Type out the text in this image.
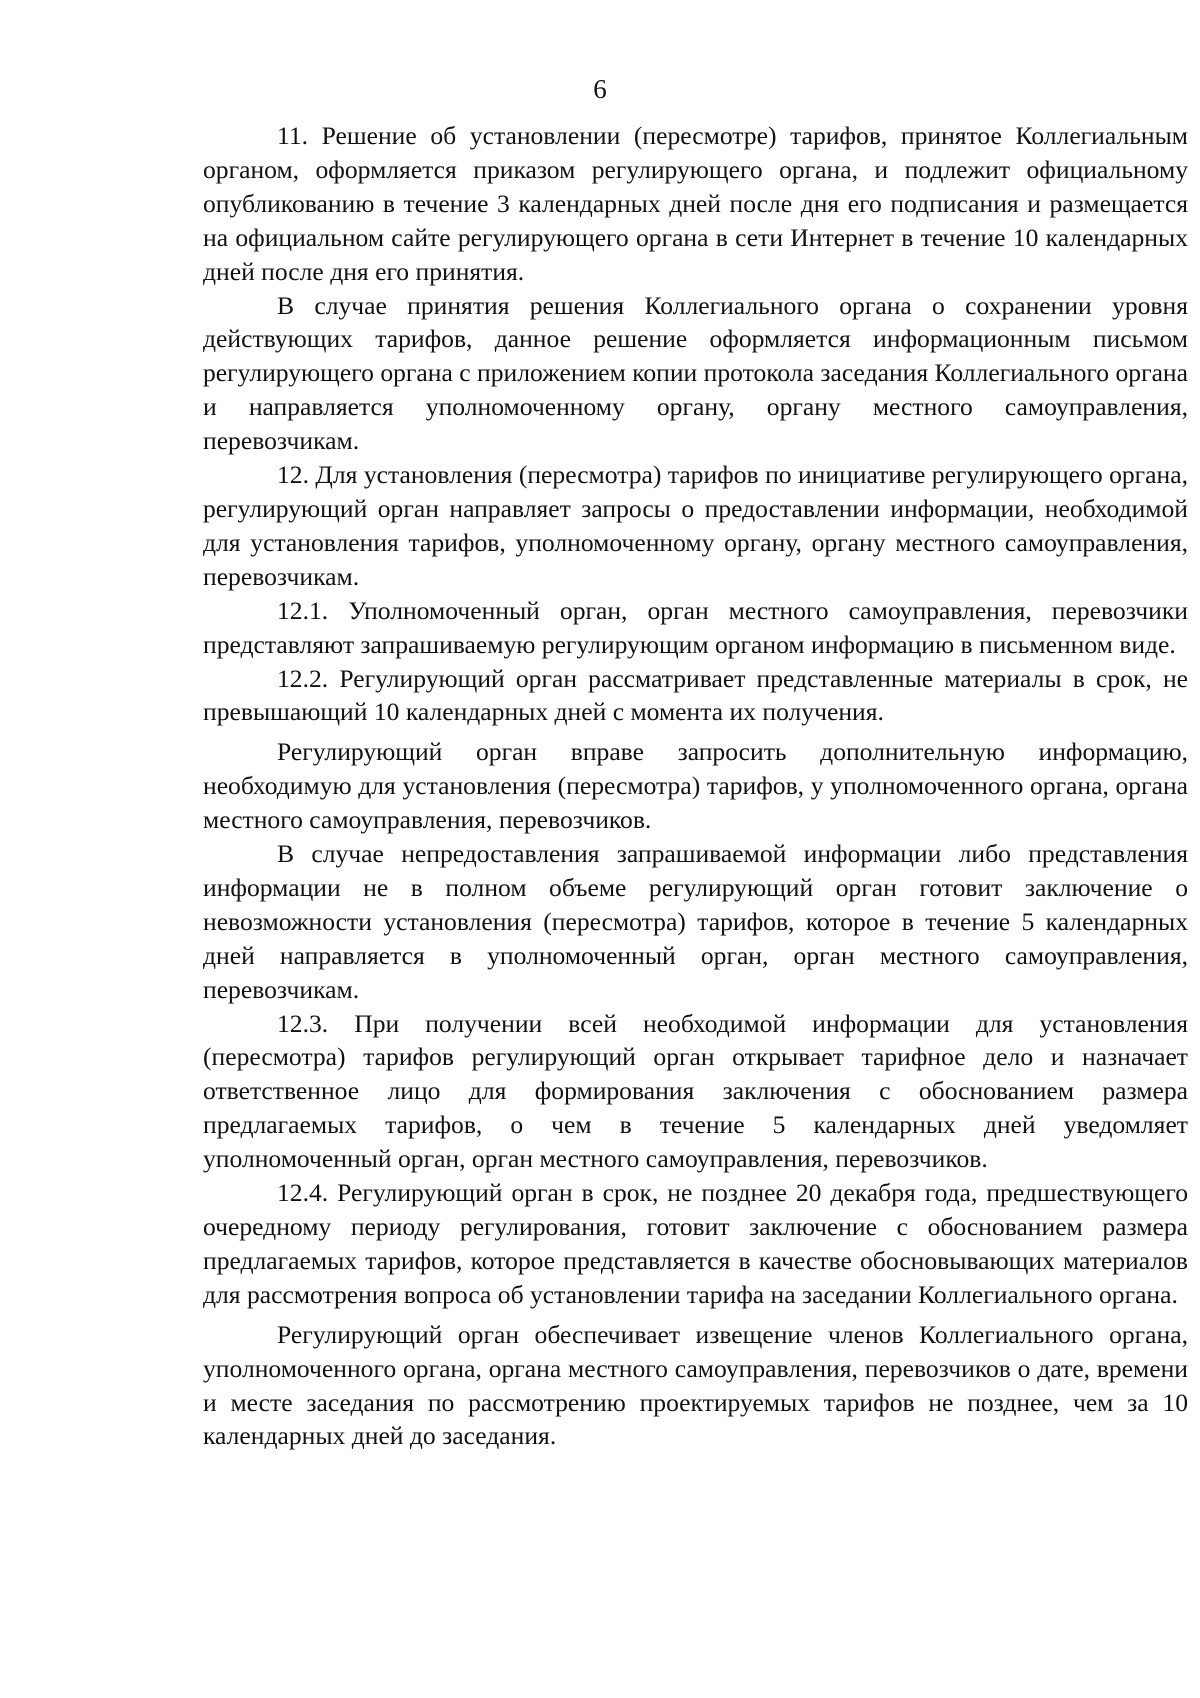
6

11. Решение об установлении (пересмотре) тарифов, принятое Коллегиальным органом, оформляется приказом регулирующего органа, и подлежит официальному опубликованию в течение 3 календарных дней после дня его подписания и размещается на официальном сайте регулирующего органа в сети Интернет в течение 10 календарных дней после дня его принятия.

В случае принятия решения Коллегиального органа о сохранении уровня действующих тарифов, данное решение оформляется информационным письмом регулирующего органа с приложением копии протокола заседания Коллегиального органа и направляется уполномоченному органу, органу местного самоуправления, перевозчикам.

12. Для установления (пересмотра) тарифов по инициативе регулирующего органа, регулирующий орган направляет запросы о предоставлении информации, необходимой для установления тарифов, уполномоченному органу, органу местного самоуправления, перевозчикам.

12.1. Уполномоченный орган, орган местного самоуправления, перевозчики представляют запрашиваемую регулирующим органом информацию в письменном виде.

12.2. Регулирующий орган рассматривает представленные материалы в срок, не превышающий 10 календарных дней с момента их получения.

Регулирующий орган вправе запросить дополнительную информацию, необходимую для установления (пересмотра) тарифов, у уполномоченного органа, органа местного самоуправления, перевозчиков.

В случае непредоставления запрашиваемой информации либо представления информации не в полном объеме регулирующий орган готовит заключение о невозможности установления (пересмотра) тарифов, которое в течение 5 календарных дней направляется в уполномоченный орган, орган местного самоуправления, перевозчикам.

12.3. При получении всей необходимой информации для установления (пересмотра) тарифов регулирующий орган открывает тарифное дело и назначает ответственное лицо для формирования заключения с обоснованием размера предлагаемых тарифов, о чем в течение 5 календарных дней уведомляет уполномоченный орган, орган местного самоуправления, перевозчиков.

12.4. Регулирующий орган в срок, не позднее 20 декабря года, предшествующего очередному периоду регулирования, готовит заключение с обоснованием размера предлагаемых тарифов, которое представляется в качестве обосновывающих материалов для рассмотрения вопроса об установлении тарифа на заседании Коллегиального органа.

Регулирующий орган обеспечивает извещение членов Коллегиального органа, уполномоченного органа, органа местного самоуправления, перевозчиков о дате, времени и месте заседания по рассмотрению проектируемых тарифов не позднее, чем за 10 календарных дней до заседания.
